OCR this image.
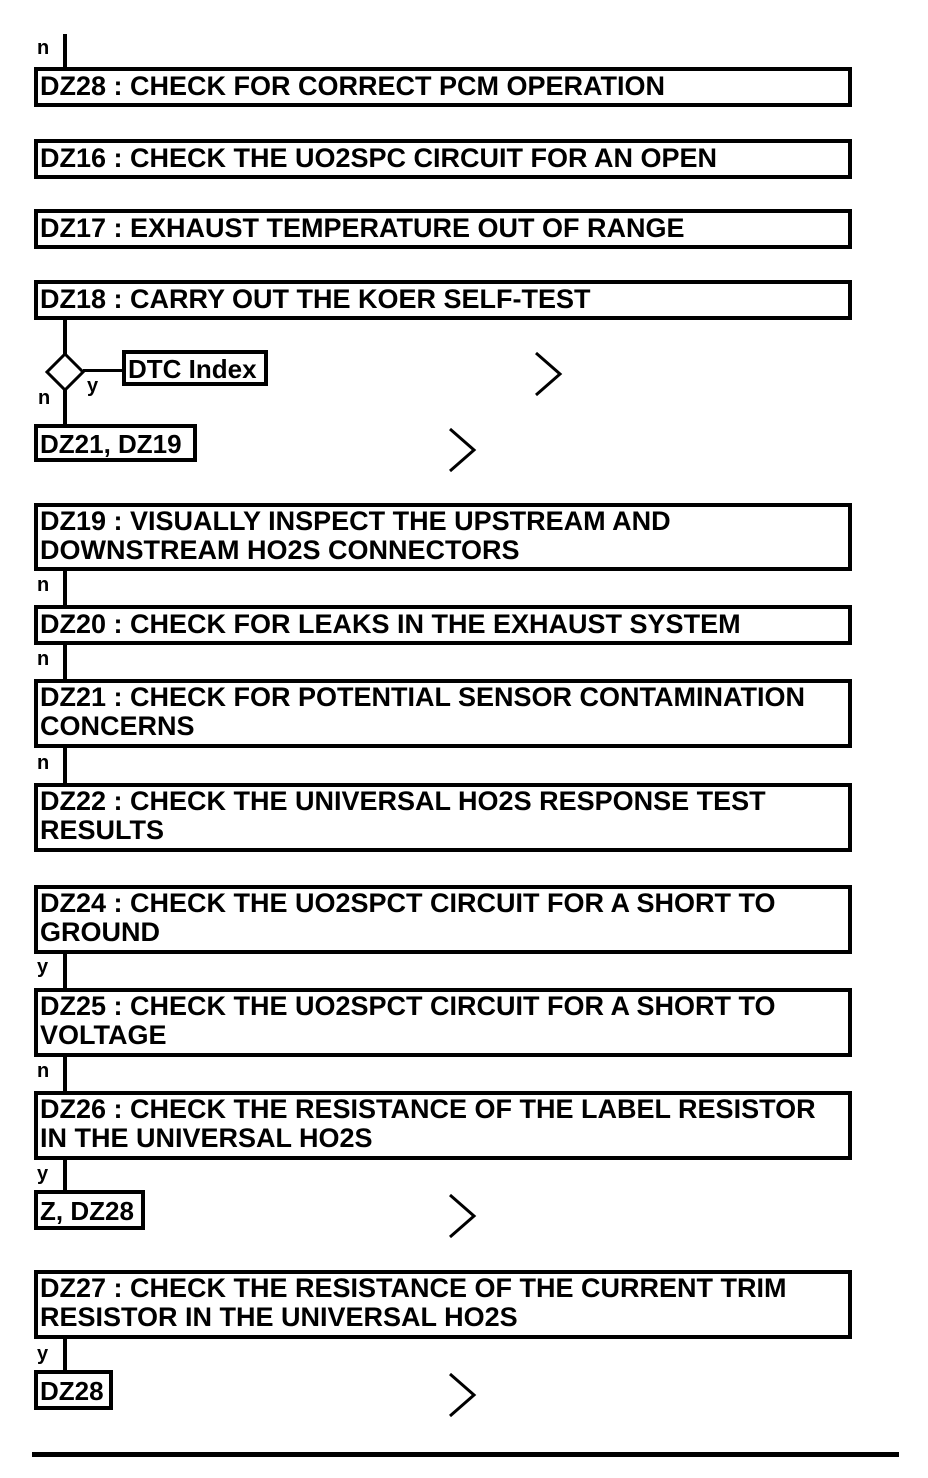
n
DZ28 : CHECK FOR CORRECT PCM OPERATION
DZ16 : CHECK THE UO2SPC CIRCUIT FOR AN OPEN
DZ17 : EXHAUST TEMPERATURE OUT OF RANGE
DZ18 : CARRY OUT THE KOER SELF-TEST
y
DTC Index
n
DZ21, DZ19
DZ19 : VISUALLY INSPECT THE UPSTREAM AND
DOWNSTREAM HO2S CONNECTORS
n
DZ20 : CHECK FOR LEAKS IN THE EXHAUST SYSTEM
n
DZ21 : CHECK FOR POTENTIAL SENSOR CONTAMINATION
CONCERNS
n
DZ22 : CHECK THE UNIVERSAL HO2S RESPONSE TEST
RESULTS
DZ24 : CHECK THE UO2SPCT CIRCUIT FOR A SHORT TO
GROUND
y
DZ25 : CHECK THE UO2SPCT CIRCUIT FOR A SHORT TO
VOLTAGE
n
DZ26 : CHECK THE RESISTANCE OF THE LABEL RESISTOR
IN THE UNIVERSAL HO2S
y
Z, DZ28
DZ27 : CHECK THE RESISTANCE OF THE CURRENT TRIM
RESISTOR IN THE UNIVERSAL HO2S
y
DZ28
